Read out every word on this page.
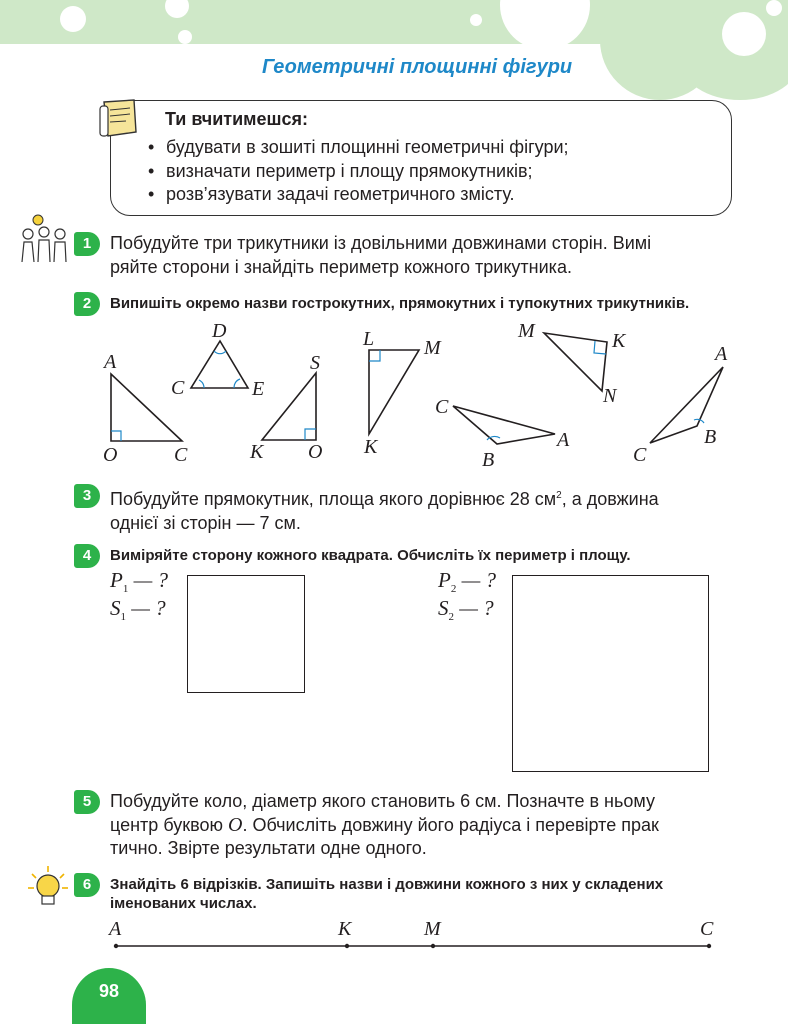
Геометричні площинні фігури
Ти вчитимешся:
• будувати в зошиті площинні геометричні фігури;
• визначати периметр і площу прямокутників;
• розв’язувати задачі геометричного змісту.
1	Побудуйте три трикутники із довільними довжинами сторін. Вимі
ряйте сторони і знайдіть периметр кожного трикутника.
2	Випишіть окремо назви гострокутних, прямокутних і тупокутних трикутників.
A
O	C
D
C	E
S
K O
L M
K
M	K
N
C
A
B
A
B
C
3	Побудуйте прямокутник, площа якого дорівнює 28 $см^2$, а довжина
однієї зі сторін — 7 см.
4	Виміряйте сторону кожного квадрата. Обчисліть їх периметр і площу.
$P_1$ — ?
$S_1$ — ?
$P_2$ — ?
$S_2$ — ?
5	Побудуйте коло, діаметр якого становить 6 см. Позначте в ньому
центр буквою O. Обчисліть довжину його радіуса і перевірте прак
тично. Звірте результати одне одного.
6	Знайдіть 6 відрізків. Запишіть назви і довжини кожного з них у складених
іменованих числах.
A	K	M	C
98
